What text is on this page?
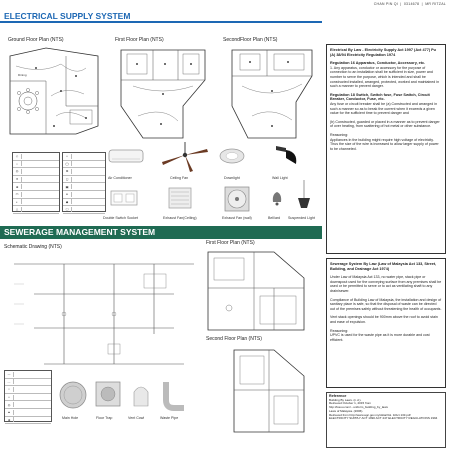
CHAN PIN QI | 0314678 | MR RITZAL
ELECTRICAL SUPPLY SYSTEM
Ground Floor Plan (NTS)	First Floor Plan (NTS)	SecondFloor Plan (NTS)
Dining
◇
○
◎
✕
⊕
▭
◐
△
□
◯
⊗
◻
▣
●
◆
▢
Air Conditioner	Ceiling Fan	Downlight	Wall Light
Double Switch Socket	Exhaust Fan(Ceiling)	Exhaust Fan (wall)	Bell/ard Suspended Light
Electrical By Law - Electricity Supply Act 1997 (Act 477) Pu (A) 38/94 Electricity Regulation 1974

Regulation 16 Apparatus, Conductor, Accessory, etc.

1. Any apparatus, conductor or accessory for the purpose of connection to an installation shall be sufficient in size, power and number to serve the purpose, which is intended and shall be constructed installed, arranged, protected, worked and maintained in such a manner to prevent danger.

Regulation 18 Switch, Switch fuse, Fuse Switch, Circuit Breaker, Conductor, Fuse, etc.

Any fuse or circuit breaker shall be (a) Constructed and arranged in such a manner so as to break the current when it exceeds a given value for the sufficient time to prevent danger and

(b) Constructed, guarded or placed in a manner as to prevent danger of over heating, from scattering of hot metal or other substance.

Reasoning:

Appliances in the building might require high voltage of electricity. Thus the size of the wire is increased to allow larger supply of power to be channeled.

SEWERAGE MANAGEMENT SYSTEM
Schematic Drawing (NTS)
First Floor Plan (NTS)
Second Floor Plan (NTS)
—
- -
○
□
◎
▲
⊕	Main Hole	Floor Trap	Vent Cowl	Waste Pipe
Sewerage System By Law (Law of Malaysia Act 133, Street, Building, and Drainage Act 1974)

Under Law of Malaysia Act 133, no water pipe, stack pipe or downspout used for the conveying surface from any premises shall be used or be permitted to serve or to act as ventilating shaft to any drain/sewer.

Compliance of Building Law of Malaysia, the installation and design of sanitary place is safe, so that the disposal of waste can be directed out of the premises safely without threatening the health of occupants.

Vent stack openings should be 900mm above the roof to avoid stain and ease of expulsion.

Reasoning:

UPVC is used for the waste pipe as it is more durable and cost efficient.

Reference
Building By Laws. (n.d.).
Retrieved October 1, 2015 from
http://issuu.com/...uniform_building_by_laws
Laws of Malaysia. (2006).
Retrieved from http://www.agc.gov.my/Akta/Vol. 3/Act 133.pdf
ELECTRICITY SUPPLY ACT 1990 ACT 447 ELECTRICITY REGULATIONS 1994
